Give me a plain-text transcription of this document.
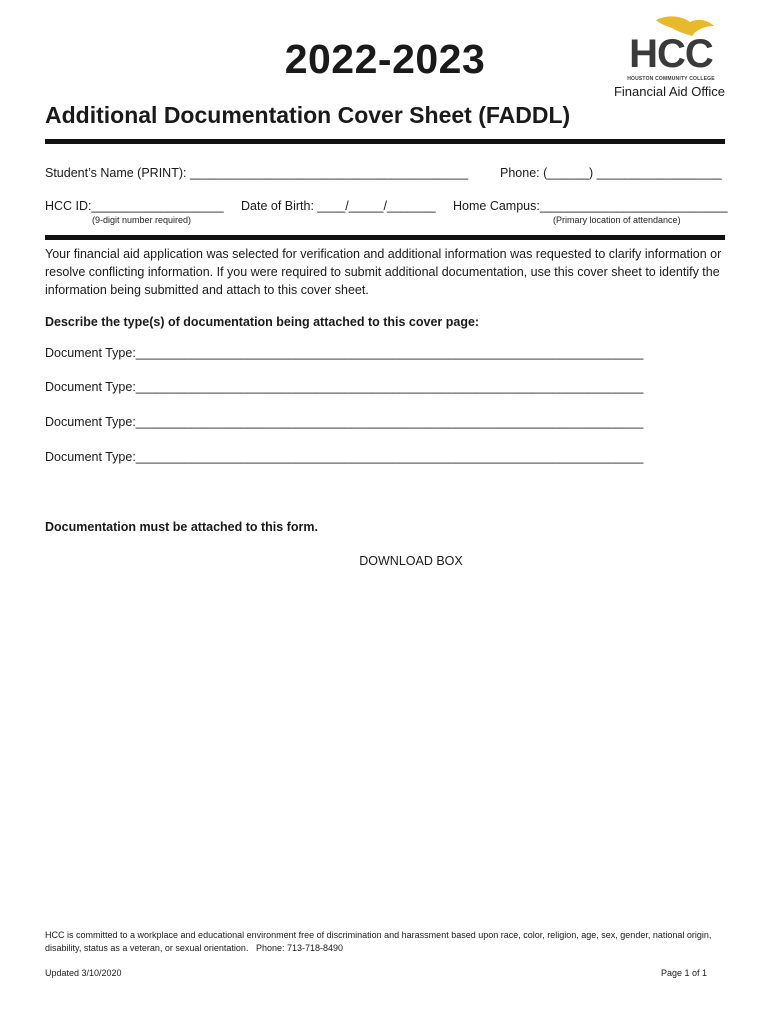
2022-2023	HCC
HOUSTON COMMUNITY COLLEGE
Financial Aid Office
Additional Documentation Cover Sheet (FADDL)
Student’s Name (PRINT): ________________________________________	Phone: (______) __________________
HCC ID:___________________
(9-digit number required)
Date of Birth: ____/_____/_______ Home Campus:___________________________
(Primary location of attendance)
Your financial aid application was selected for verification and additional information was requested to clarify information or resolve conflicting information. If you were required to submit additional documentation, use this cover sheet to identify the information being submitted and attach to this cover sheet.
Describe the type(s) of documentation being attached to this cover page:
Document Type:_________________________________________________________________________
Document Type:_________________________________________________________________________
Document Type:_________________________________________________________________________
Document Type:_________________________________________________________________________
Documentation must be attached to this form.
DOWNLOAD BOX
HCC is committed to a workplace and educational environment free of discrimination and harassment based upon race, color, religion, age, sex, gender, national origin, disability, status as a veteran, or sexual orientation. Phone: 713-718-8490
Updated 3/10/2020	Page 1 of 1
